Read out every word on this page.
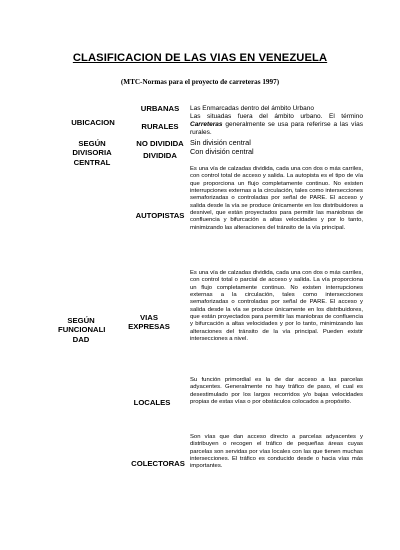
CLASIFICACION DE LAS VIAS EN VENEZUELA
(MTC-Normas para el proyecto de carreteras 1997)
UBICACION
URBANAS	Las Enmarcadas dentro del ámbito Urbano
RURALES
Las situadas fuera del ámbito urbano. El término Carreteras generalmente se usa para referirse a las vías rurales.
SEGÚN DIVISORIA CENTRAL
NO DIVIDIDA Sin división central
DIVIDIDA	Con división central
SEGÚN
FUNCIONALI
DAD
AUTOPISTAS
Es una vía de calzadas dividida, cada una con dos o más carriles, con control total de acceso y salida. La autopista es el tipo de vía que proporciona un flujo completamente continuo. No existen interrupciones externas a la circulación, tales como intersecciones semaforizadas o controladas por señal de PARE. El acceso y salida desde la vía se produce únicamente en los distribuidores a desnivel, que están proyectados para permitir las maniobras de confluencia y bifurcación a altas velocidades y por lo tanto, minimizando las alteraciones del tránsito de la vía principal.
VIAS EXPRESAS
Es una vía de calzadas dividida, cada una con dos o más carriles, con control total o parcial de acceso y salida. La vía proporciona un flujo completamente continuo. No existen interrupciones externas a la circulación, tales como intersecciones semaforizadas o controladas por señal de PARE. El acceso y salida desde la vía se produce únicamente en los distribuidores, que están proyectados para permitir las maniobras de confluencia y bifurcación a altas velocidades y por lo tanto, minimizando las alteraciones del tránsito de la vía principal. Pueden existir intersecciones a nivel.
LOCALES
Su función primordial es la de dar acceso a las parcelas adyacentes. Generalmente no hay tráfico de paso, el cual es desestimulado por los largos recorridos y/o bajas velocidades propias de estas vías o por obstáculos colocados a propósito.
COLECTORAS
Son vías que dan acceso directo a parcelas adyacentes y distribuyen o recogen el tráfico de pequeñas áreas cuyas parcelas son servidas por vías locales con las que tienen muchas intersecciones. El tráfico es conducido desde o hacia vías más importantes.
